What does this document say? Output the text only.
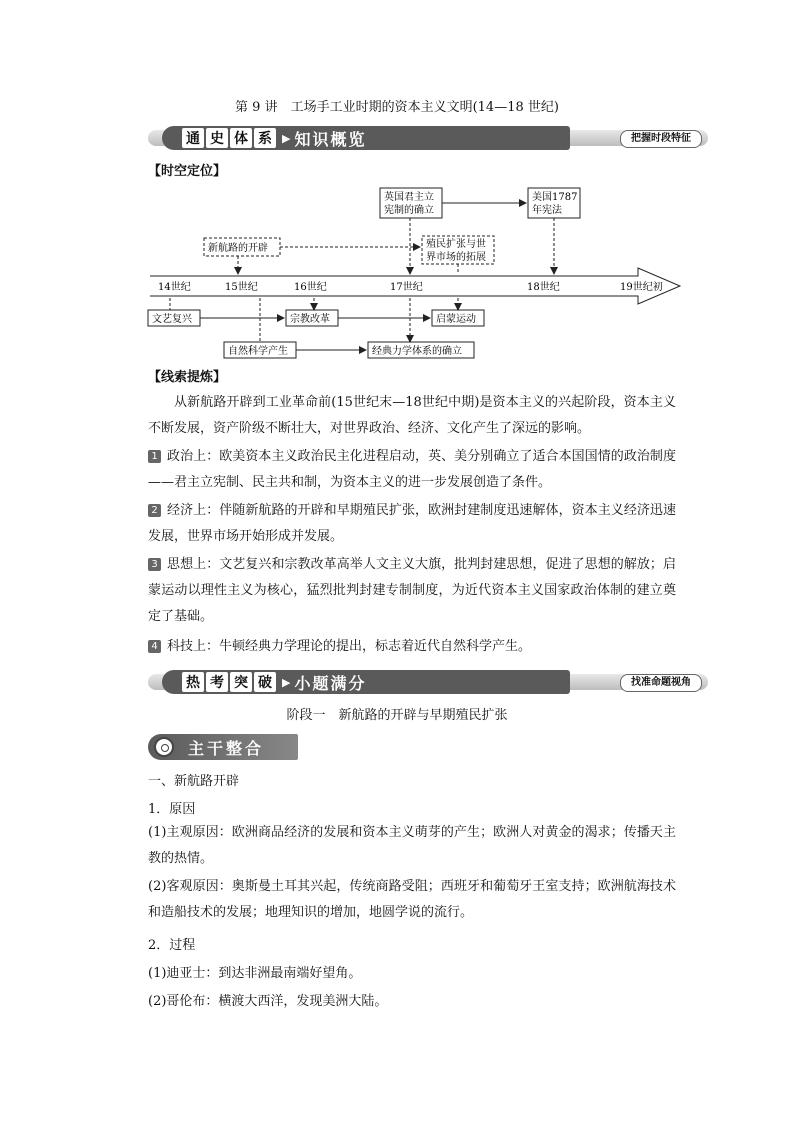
第 9 讲　工场手工业时期的资本主义文明(14—18 世纪)
通 史 体 系 ▶ 知识概览	把握时段特征
【时空定位】
14世纪	15世纪	16世纪	17世纪	18世纪	19世纪初
英国君主立
宪制的确立
美国1787
年宪法
新航路的开辟	殖民扩张与世
界市场的拓展
文艺复兴	宗教改革	启蒙运动
自然科学产生	经典力学体系的确立
【线索提炼】
从新航路开辟到工业革命前(15世纪末—18世纪中期)是资本主义的兴起阶段，资本主义不断发展，资产阶级不断壮大，对世界政治、经济、文化产生了深远的影响。
1 政治上：欧美资本主义政治民主化进程启动，英、美分别确立了适合本国国情的政治制度——君主立宪制、民主共和制，为资本主义的进一步发展创造了条件。
2 经济上：伴随新航路的开辟和早期殖民扩张，欧洲封建制度迅速解体，资本主义经济迅速发展，世界市场开始形成并发展。
3 思想上：文艺复兴和宗教改革高举人文主义大旗，批判封建思想，促进了思想的解放；启蒙运动以理性主义为核心，猛烈批判封建专制制度，为近代资本主义国家政治体制的建立奠定了基础。
4 科技上：牛顿经典力学理论的提出，标志着近代自然科学产生。
热 考 突 破 ▶ 小题满分	找准命题视角
阶段一　新航路的开辟与早期殖民扩张
主干整合
一、新航路开辟
1．原因
(1)主观原因：欧洲商品经济的发展和资本主义萌芽的产生；欧洲人对黄金的渴求；传播天主教的热情。
(2)客观原因：奥斯曼土耳其兴起，传统商路受阻；西班牙和葡萄牙王室支持；欧洲航海技术和造船技术的发展；地理知识的增加，地圆学说的流行。
2．过程
(1)迪亚士：到达非洲最南端好望角。
(2)哥伦布：横渡大西洋，发现美洲大陆。
